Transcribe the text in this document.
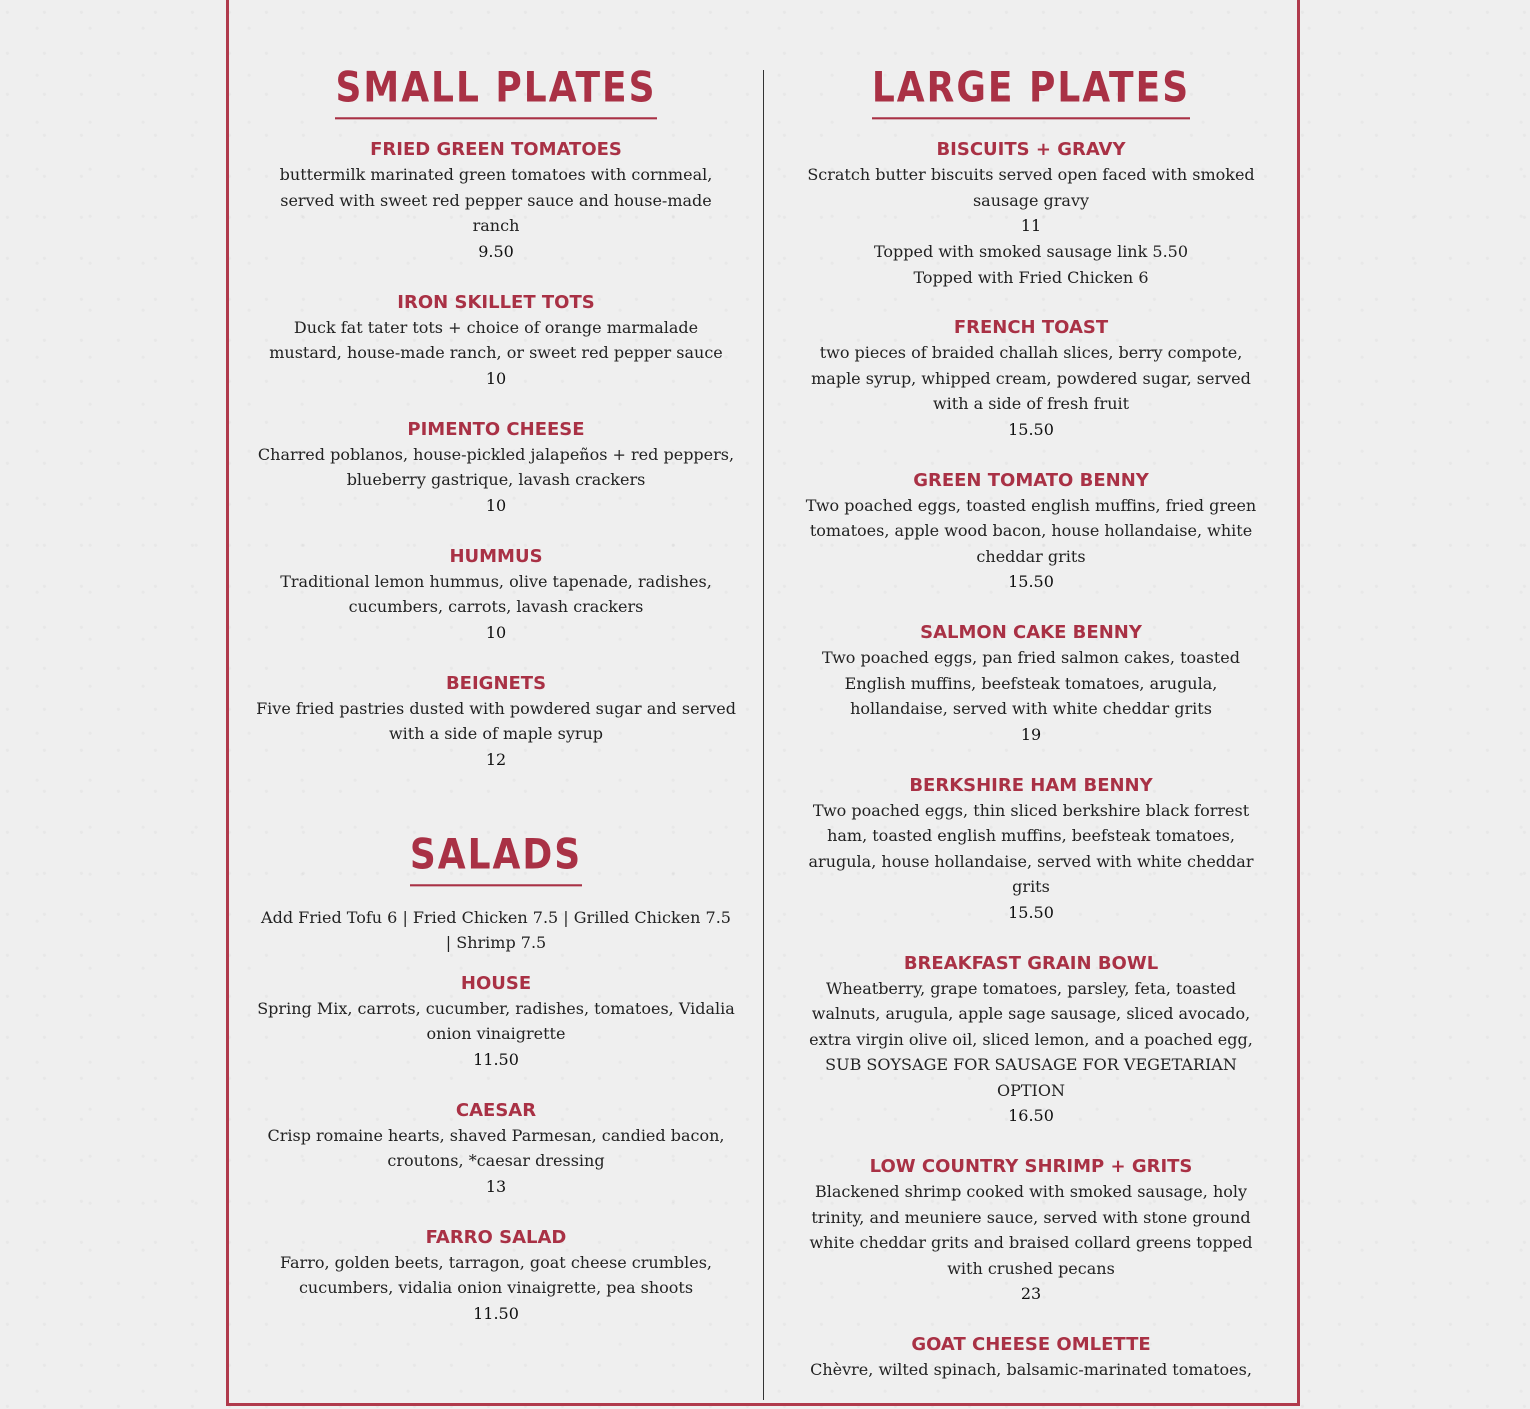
SMALL PLATES
FRIED GREEN TOMATOES
buttermilk marinated green tomatoes with cornmeal, served with sweet red pepper sauce and house-made ranch
9.50
IRON SKILLET TOTS
Duck fat tater tots + choice of orange marmalade mustard, house-made ranch, or sweet red pepper sauce
10
PIMENTO CHEESE
Charred poblanos, house-pickled jalapeños + red peppers, blueberry gastrique, lavash crackers
10
HUMMUS
Traditional lemon hummus, olive tapenade, radishes, cucumbers, carrots, lavash crackers
10
BEIGNETS
Five fried pastries dusted with powdered sugar and served with a side of maple syrup
12
SALADS
Add Fried Tofu 6 | Fried Chicken 7.5 | Grilled Chicken 7.5 | Shrimp 7.5
HOUSE
Spring Mix, carrots, cucumber, radishes, tomatoes, Vidalia onion vinaigrette
11.50
CAESAR
Crisp romaine hearts, shaved Parmesan, candied bacon, croutons, *caesar dressing
13
FARRO SALAD
Farro, golden beets, tarragon, goat cheese crumbles, cucumbers, vidalia onion vinaigrette, pea shoots
11.50
LARGE PLATES
BISCUITS + GRAVY
Scratch butter biscuits served open faced with smoked sausage gravy
11
Topped with smoked sausage link 5.50
Topped with Fried Chicken 6
FRENCH TOAST
two pieces of braided challah slices, berry compote, maple syrup, whipped cream, powdered sugar, served with a side of fresh fruit
15.50
GREEN TOMATO BENNY
Two poached eggs, toasted english muffins, fried green tomatoes, apple wood bacon, house hollandaise, white cheddar grits
15.50
SALMON CAKE BENNY
Two poached eggs, pan fried salmon cakes, toasted English muffins, beefsteak tomatoes, arugula, hollandaise, served with white cheddar grits
19
BERKSHIRE HAM BENNY
Two poached eggs, thin sliced berkshire black forrest ham, toasted english muffins, beefsteak tomatoes, arugula, house hollandaise, served with white cheddar grits
15.50
BREAKFAST GRAIN BOWL
Wheatberry, grape tomatoes, parsley, feta, toasted walnuts, arugula, apple sage sausage, sliced avocado, extra virgin olive oil, sliced lemon, and a poached egg, SUB SOYSAGE FOR SAUSAGE FOR VEGETARIAN OPTION
16.50
LOW COUNTRY SHRIMP + GRITS
Blackened shrimp cooked with smoked sausage, holy trinity, and meuniere sauce, served with stone ground white cheddar grits and braised collard greens topped with crushed pecans
23
GOAT CHEESE OMLETTE
Chèvre, wilted spinach, balsamic-marinated tomatoes,
